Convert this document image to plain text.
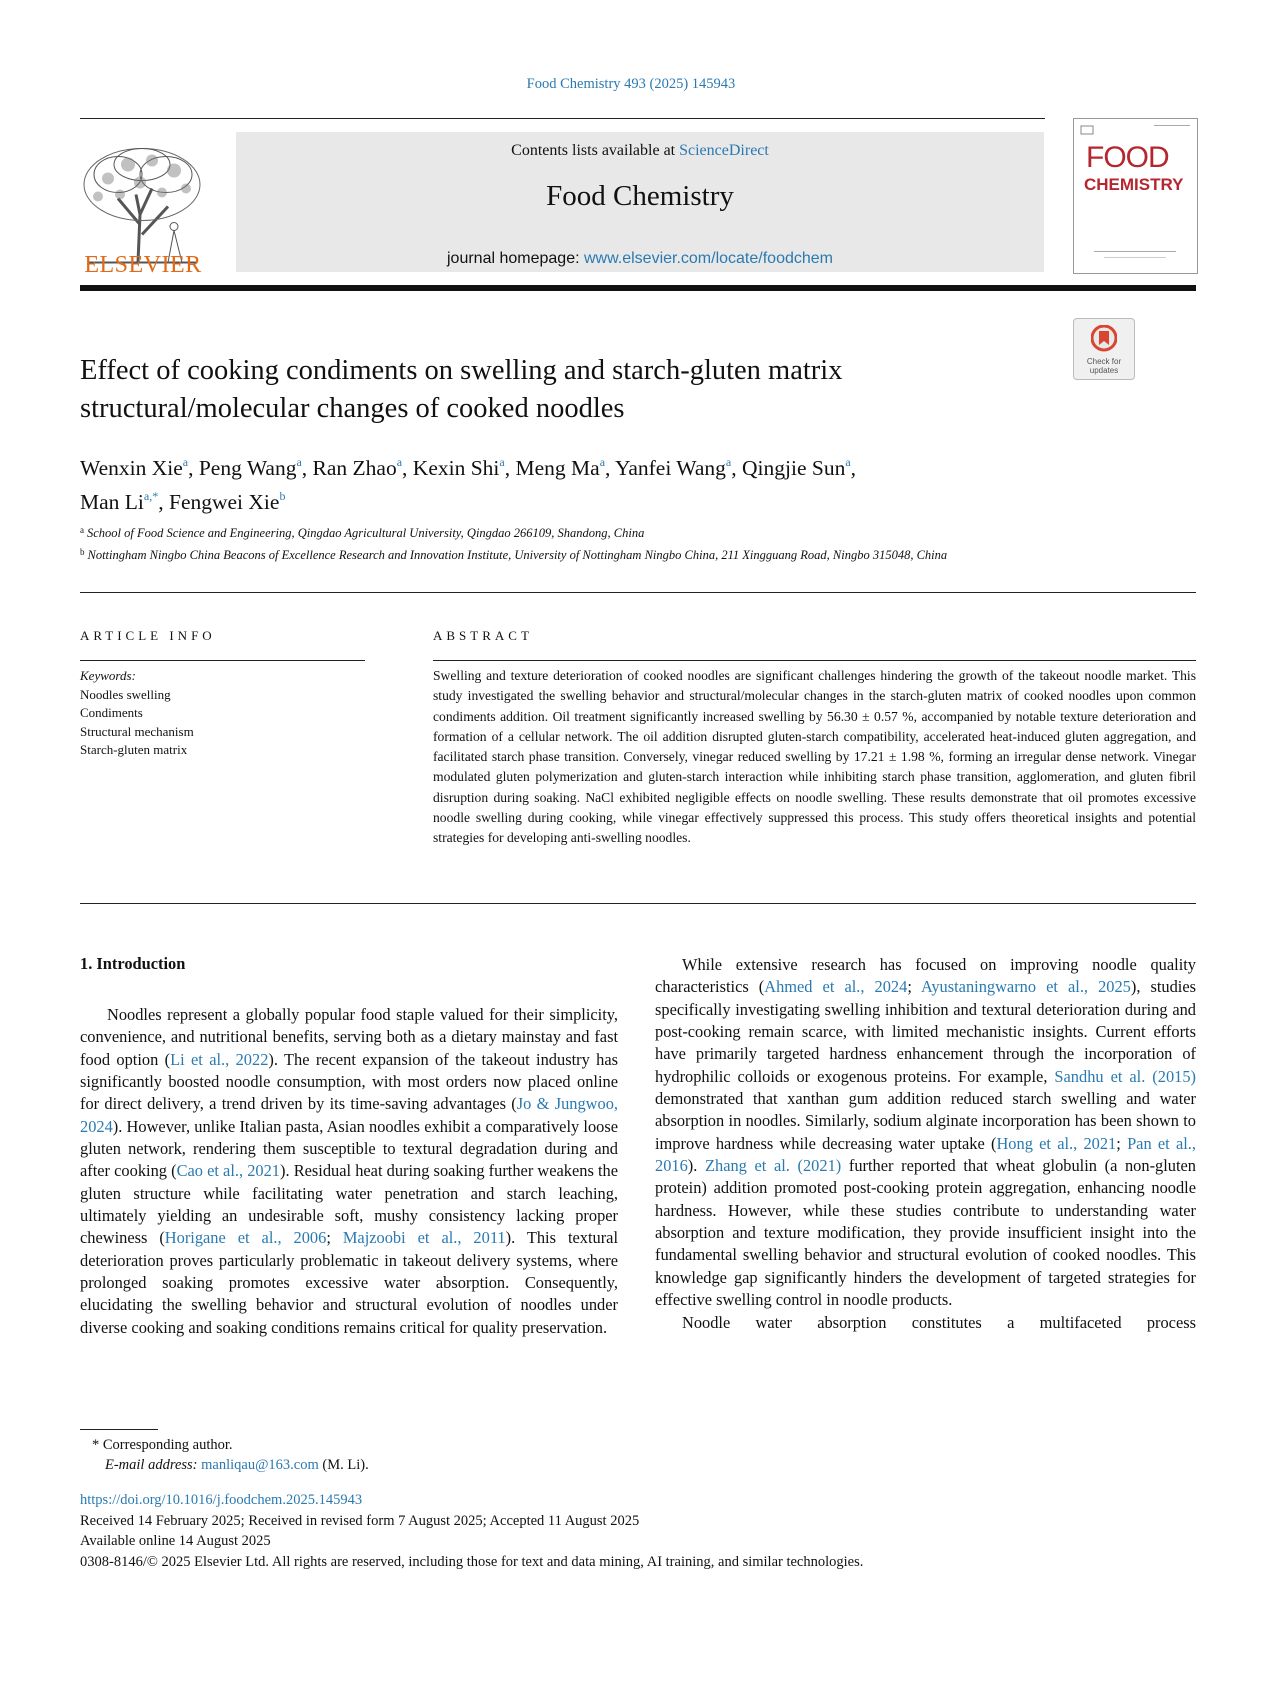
Food Chemistry 493 (2025) 145943
ELSEVIER
Contents lists available at ScienceDirect
Food Chemistry
journal homepage: www.elsevier.com/locate/foodchem
FOOD
CHEMISTRY
Check for updates
Effect of cooking condiments on swelling and starch-gluten matrix structural/molecular changes of cooked noodles
Wenxin Xie$^a$, Peng Wang$^a$, Ran Zhao$^a$, Kexin Shi$^a$, Meng Ma$^a$, Yanfei Wang$^a$, Qingjie Sun$^a$,
Man $Li^{a,*}$, Fengwei Xie$^b$
$^a$ School of Food Science and Engineering, Qingdao Agricultural University, Qingdao 266109, Shandong, China
$^b$ Nottingham Ningbo China Beacons of Excellence Research and Innovation Institute, University of Nottingham Ningbo China, 211 Xingguang Road, Ningbo 315048, China
ARTICLE INFO	ABSTRACT
Keywords:
Noodles swelling
Condiments
Structural mechanism
Starch-gluten matrix
Swelling and texture deterioration of cooked noodles are significant challenges hindering the growth of the takeout noodle market. This study investigated the swelling behavior and structural/molecular changes in the starch-gluten matrix of cooked noodles upon common condiments addition. Oil treatment significantly increased swelling by 56.30 ± 0.57 %, accompanied by notable texture deterioration and formation of a cellular network. The oil addition disrupted gluten-starch compatibility, accelerated heat-induced gluten aggregation, and facilitated starch phase transition. Conversely, vinegar reduced swelling by 17.21 ± 1.98 %, forming an irregular dense network. Vinegar modulated gluten polymerization and gluten-starch interaction while inhibiting starch phase transition, agglomeration, and gluten fibril disruption during soaking. NaCl exhibited negligible effects on noodle swelling. These results demonstrate that oil promotes excessive noodle swelling during cooking, while vinegar effectively suppressed this process. This study offers theoretical insights and potential strategies for developing anti-swelling noodles.
1. Introduction
Noodles represent a globally popular food staple valued for their simplicity, convenience, and nutritional benefits, serving both as a dietary mainstay and fast food option (Li et al., 2022). The recent expansion of the takeout industry has significantly boosted noodle consumption, with most orders now placed online for direct delivery, a trend driven by its time-saving advantages (Jo & Jungwoo, 2024). However, unlike Italian pasta, Asian noodles exhibit a comparatively loose gluten network, rendering them susceptible to textural degradation during and after cooking (Cao et al., 2021). Residual heat during soaking further weakens the gluten structure while facilitating water penetration and starch leaching, ultimately yielding an undesirable soft, mushy consistency lacking proper chewiness (Horigane et al., 2006; Majzoobi et al., 2011). This textural deterioration proves particularly problematic in takeout delivery systems, where prolonged soaking promotes excessive water absorption. Consequently, elucidating the swelling behavior and structural evolution of noodles under diverse cooking and soaking conditions remains critical for quality preservation.

While extensive research has focused on improving noodle quality characteristics (Ahmed et al., 2024; Ayustaningwarno et al., 2025), studies specifically investigating swelling inhibition and textural deterioration during and post-cooking remain scarce, with limited mechanistic insights. Current efforts have primarily targeted hardness enhancement through the incorporation of hydrophilic colloids or exogenous proteins. For example, Sandhu et al. (2015) demonstrated that xanthan gum addition reduced starch swelling and water absorption in noodles. Similarly, sodium alginate incorporation has been shown to improve hardness while decreasing water uptake (Hong et al., 2021; Pan et al., 2016). Zhang et al. (2021) further reported that wheat globulin (a non-gluten protein) addition promoted post-cooking protein aggregation, enhancing noodle hardness. However, while these studies contribute to understanding water absorption and texture modification, they provide insufficient insight into the fundamental swelling behavior and structural evolution of cooked noodles. This knowledge gap significantly hinders the development of targeted strategies for effective swelling control in noodle products.

Noodle water absorption constitutes a multifaceted process

* Corresponding author.
E-mail address: manliqau@163.com (M. Li).
https://doi.org/10.1016/j.foodchem.2025.145943
Received 14 February 2025; Received in revised form 7 August 2025; Accepted 11 August 2025
Available online 14 August 2025
0308-8146/© 2025 Elsevier Ltd. All rights are reserved, including those for text and data mining, AI training, and similar technologies.
